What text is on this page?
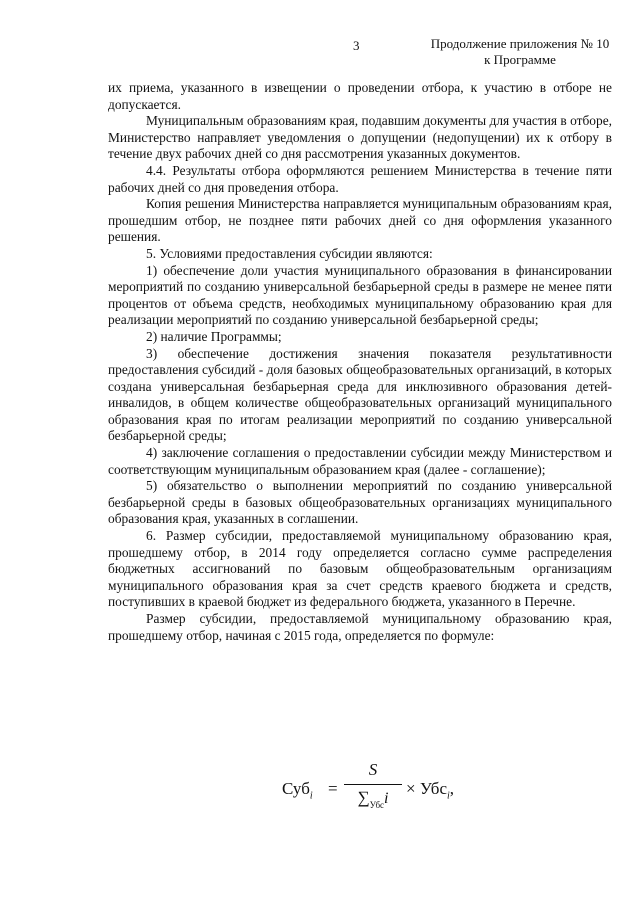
3	Продолжение приложения № 10
к Программе

их приема, указанного в извещении о проведении отбора, к участию в отборе не допускается.

Муниципальным образованиям края, подавшим документы для участия в отборе, Министерство направляет уведомления о допущении (недопущении) их к отбору в течение двух рабочих дней со дня рассмотрения указанных документов.

4.4. Результаты отбора оформляются решением Министерства в течение пяти рабочих дней со дня проведения отбора.

Копия решения Министерства направляется муниципальным образованиям края, прошедшим отбор, не позднее пяти рабочих дней со дня оформления указанного решения.

5. Условиями предоставления субсидии являются:

1) обеспечение доли участия муниципального образования в финансировании мероприятий по созданию универсальной безбарьерной среды в размере не менее пяти процентов от объема средств, необходимых муниципальному образованию края для реализации мероприятий по созданию универсальной безбарьерной среды;

2) наличие Программы;

3) обеспечение достижения значения показателя результативности предоставления субсидий - доля базовых общеобразовательных организаций, в которых создана универсальная безбарьерная среда для инклюзивного образования детей-инвалидов, в общем количестве общеобразовательных организаций муниципального образования края по итогам реализации мероприятий по созданию универсальной безбарьерной среды;

4) заключение соглашения о предоставлении субсидии между Министерством и соответствующим муниципальным образованием края (далее - соглашение);

5) обязательство о выполнении мероприятий по созданию универсальной безбарьерной среды в базовых общеобразовательных организациях муниципального образования края, указанных в соглашении.

6. Размер субсидии, предоставляемой муниципальному образованию края, прошедшему отбор, в 2014 году определяется согласно сумме распределения бюджетных ассигнований по базовым общеобразовательным организациям муниципального образования края за счет средств краевого бюджета и средств, поступивших в краевой бюджет из федерального бюджета, указанного в Перечне.

Размер субсидии, предоставляемой муниципальному образованию края, прошедшему отбор, начиная с 2015 года, определяется по формуле:

Суб$_i$ =
S
$\sum_{Убс}i$
× Убс$_i$,
